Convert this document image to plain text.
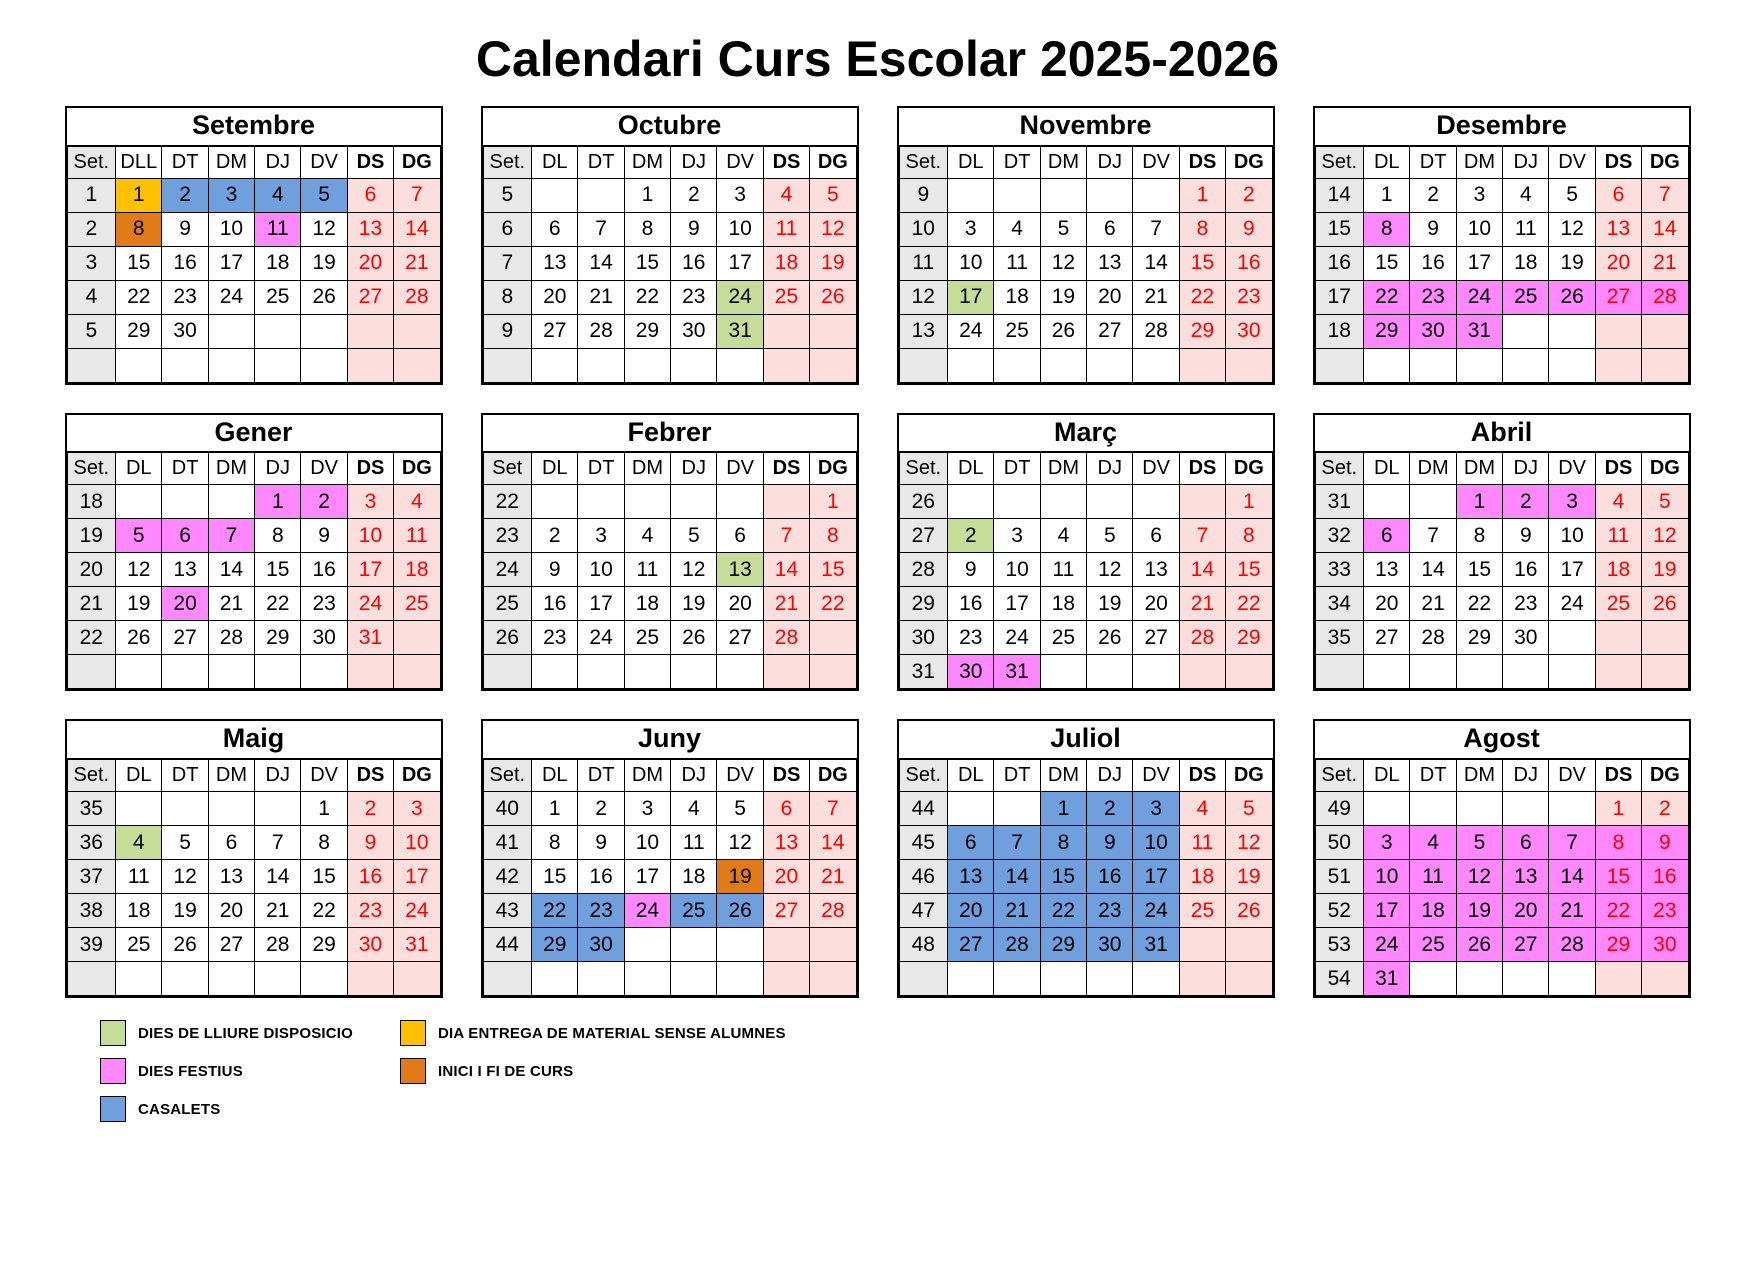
Calendari Curs Escolar 2025-2026
Setembre
Set.	DLL	DT	DM	DJ	DV	DS	DG
1	1	2	3	4	5	6	7
2	8	9	10	11	12	13	14
3	15	16	17	18	19	20	21
4	22	23	24	25	26	27	28
5	29	30					

Octubre
Set.	DL	DT	DM	DJ	DV	DS	DG
5			1	2	3	4	5
6	6	7	8	9	10	11	12
7	13	14	15	16	17	18	19
8	20	21	22	23	24	25	26
9	27	28	29	30	31		

Novembre
Set.	DL	DT	DM	DJ	DV	DS	DG
9						1	2
10	3	4	5	6	7	8	9
11	10	11	12	13	14	15	16
12	17	18	19	20	21	22	23
13	24	25	26	27	28	29	30

Desembre
Set.	DL	DT	DM	DJ	DV	DS	DG
14	1	2	3	4	5	6	7
15	8	9	10	11	12	13	14
16	15	16	17	18	19	20	21
17	22	23	24	25	26	27	28
18	29	30	31				

Gener
Set.	DL	DT	DM	DJ	DV	DS	DG
18				1	2	3	4
19	5	6	7	8	9	10	11
20	12	13	14	15	16	17	18
21	19	20	21	22	23	24	25
22	26	27	28	29	30	31	

Febrer
Set	DL	DT	DM	DJ	DV	DS	DG
22							1
23	2	3	4	5	6	7	8
24	9	10	11	12	13	14	15
25	16	17	18	19	20	21	22
26	23	24	25	26	27	28	

Març
Set.	DL	DT	DM	DJ	DV	DS	DG
26							1
27	2	3	4	5	6	7	8
28	9	10	11	12	13	14	15
29	16	17	18	19	20	21	22
30	23	24	25	26	27	28	29
31	30	31					
Abril
Set.	DL	DM	DM	DJ	DV	DS	DG
31			1	2	3	4	5
32	6	7	8	9	10	11	12
33	13	14	15	16	17	18	19
34	20	21	22	23	24	25	26
35	27	28	29	30			

Maig
Set.	DL	DT	DM	DJ	DV	DS	DG
35					1	2	3
36	4	5	6	7	8	9	10
37	11	12	13	14	15	16	17
38	18	19	20	21	22	23	24
39	25	26	27	28	29	30	31

Juny
Set.	DL	DT	DM	DJ	DV	DS	DG
40	1	2	3	4	5	6	7
41	8	9	10	11	12	13	14
42	15	16	17	18	19	20	21
43	22	23	24	25	26	27	28
44	29	30					

Juliol
Set.	DL	DT	DM	DJ	DV	DS	DG
44			1	2	3	4	5
45	6	7	8	9	10	11	12
46	13	14	15	16	17	18	19
47	20	21	22	23	24	25	26
48	27	28	29	30	31		

Agost
Set.	DL	DT	DM	DJ	DV	DS	DG
49						1	2
50	3	4	5	6	7	8	9
51	10	11	12	13	14	15	16
52	17	18	19	20	21	22	23
53	24	25	26	27	28	29	30
54	31						
DIES DE LLIURE DISPOSICIO
DIES FESTIUS
CASALETS
DIA ENTREGA DE MATERIAL SENSE ALUMNES
INICI I FI DE CURS
